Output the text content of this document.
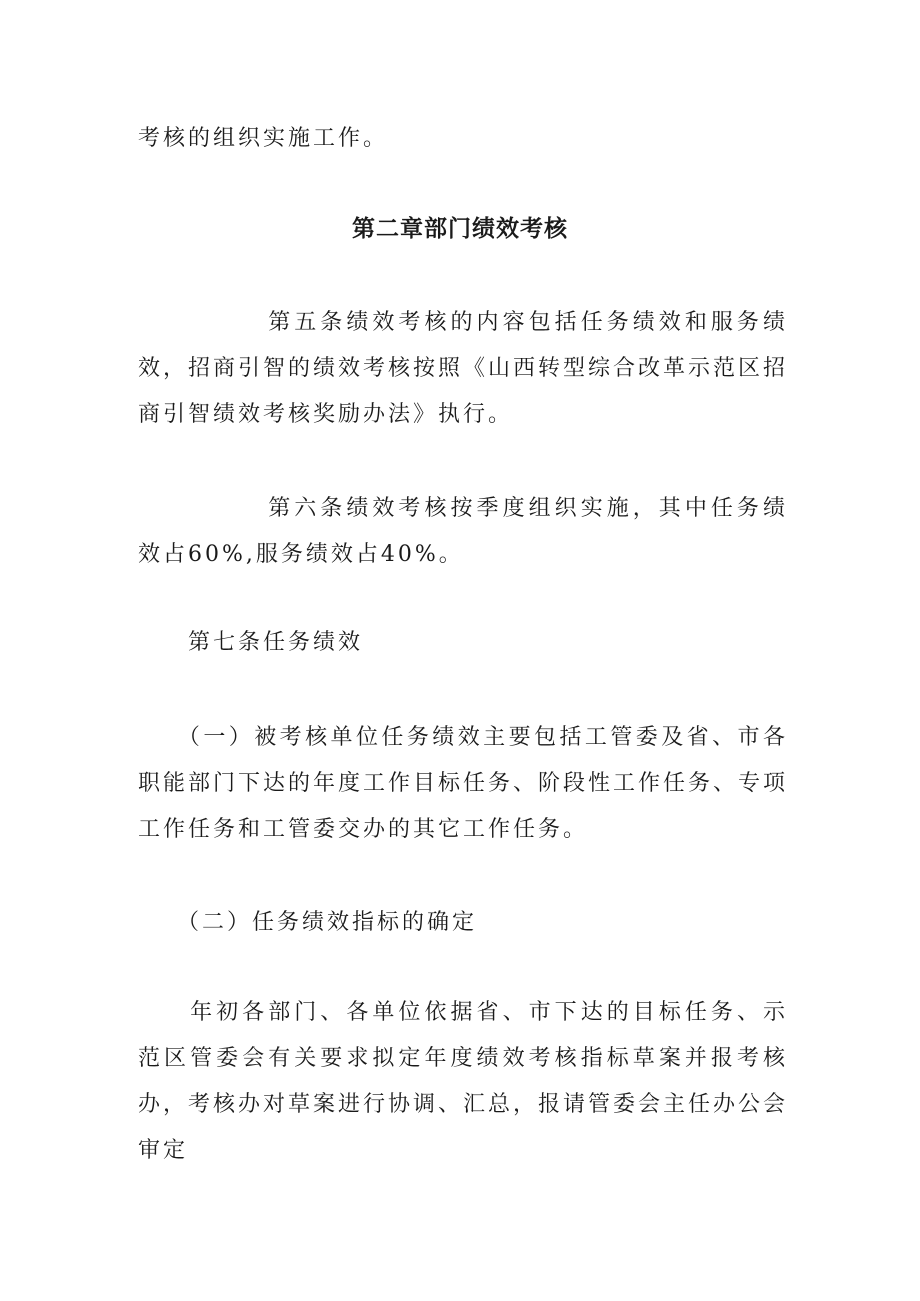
考核的组织实施工作。

第二章部门绩效考核

　　　　　第五条绩效考核的内容包括任务绩效和服务绩效，招商引智的绩效考核按照《山西转型综合改革示范区招商引智绩效考核奖励办法》执行。

　　　　　第六条绩效考核按季度组织实施，其中任务绩效占60%,服务绩效占40%。

　　第七条任务绩效

　　（一）被考核单位任务绩效主要包括工管委及省、市各职能部门下达的年度工作目标任务、阶段性工作任务、专项工作任务和工管委交办的其它工作任务。

　　（二）任务绩效指标的确定

　　年初各部门、各单位依据省、市下达的目标任务、示范区管委会有关要求拟定年度绩效考核指标草案并报考核办，考核办对草案进行协调、汇总，报请管委会主任办公会审定
